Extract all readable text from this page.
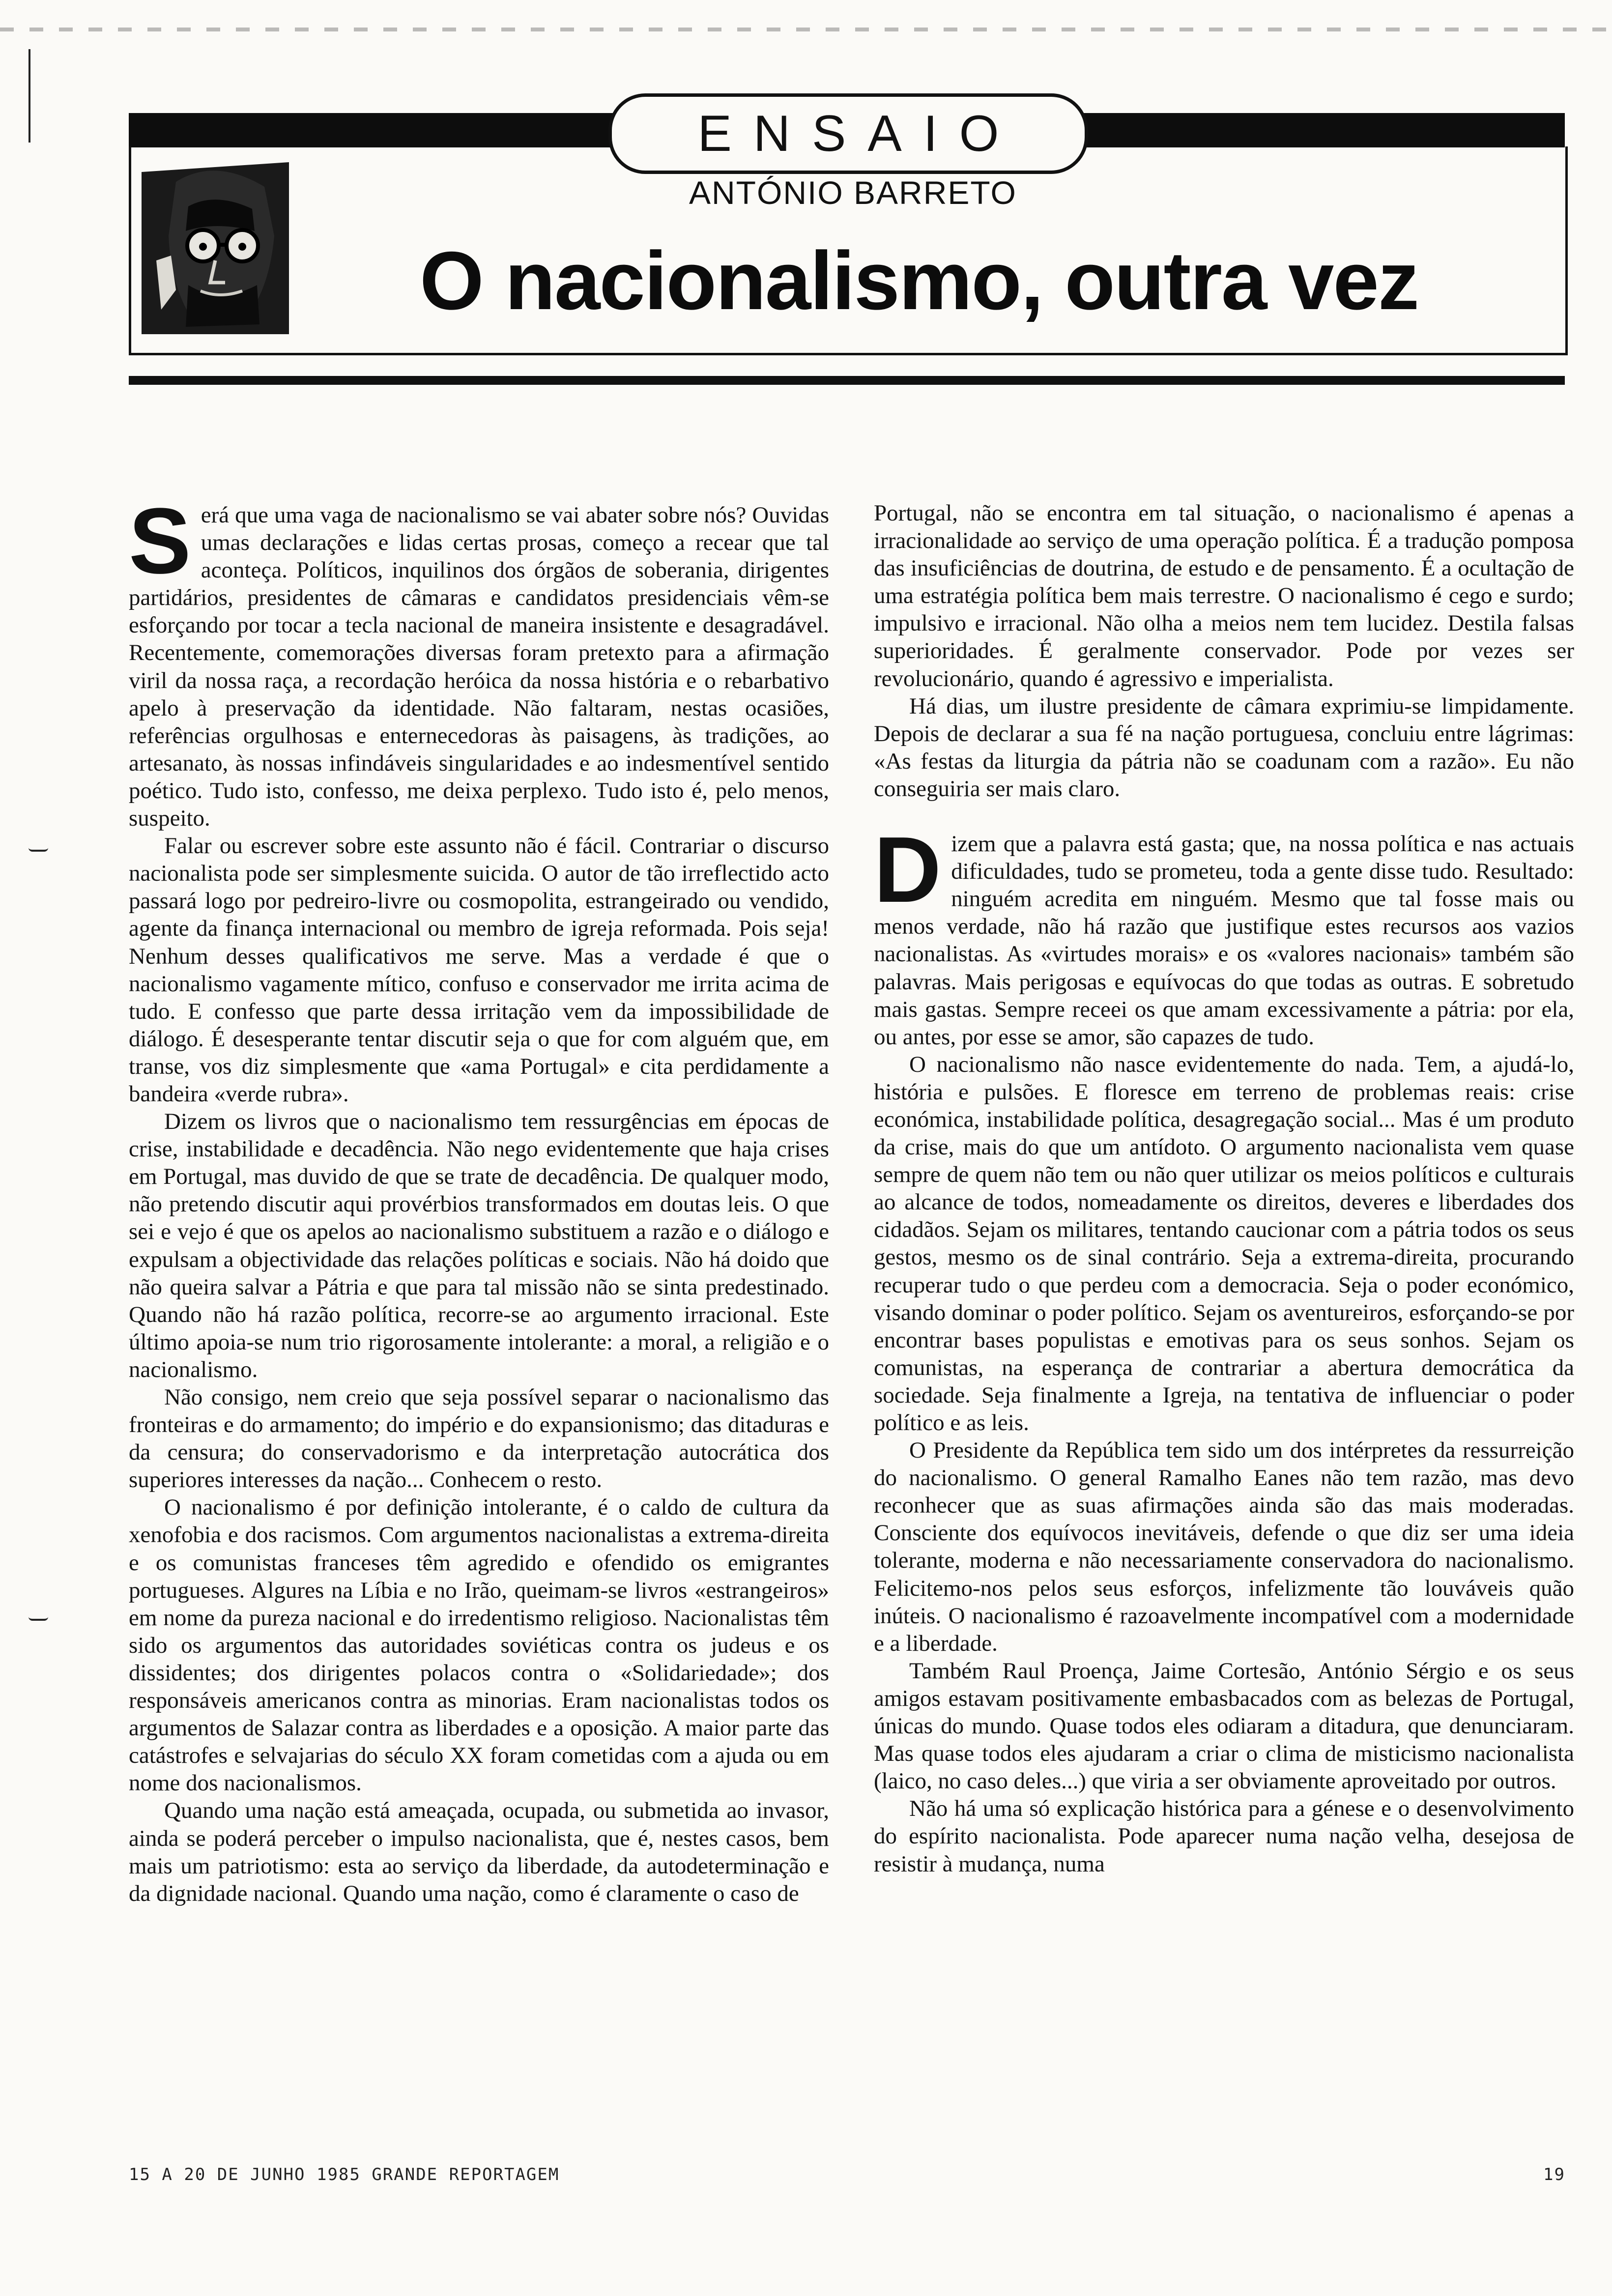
ENSAIO
ANTÓNIO BARRETO
O nacionalismo, outra vez

Será que uma vaga de nacionalismo se vai abater sobre nós? Ouvidas umas declarações e lidas certas prosas, começo a recear que tal aconteça. Políticos, inquilinos dos órgãos de soberania, dirigentes partidários, presidentes de câmaras e candidatos presidenciais vêm-se esforçando por tocar a tecla nacional de maneira insistente e desagradável. Recentemente, comemorações diversas foram pretexto para a afirmação viril da nossa raça, a recordação heróica da nossa história e o rebarbativo apelo à preservação da identidade. Não faltaram, nestas ocasiões, referências orgulhosas e enternecedoras às paisagens, às tradições, ao artesanato, às nossas infindáveis singularidades e ao indesmentível sentido poético. Tudo isto, confesso, me deixa perplexo. Tudo isto é, pelo menos, suspeito.

Falar ou escrever sobre este assunto não é fácil. Contrariar o discurso nacionalista pode ser simplesmente suicida. O autor de tão irreflectido acto passará logo por pedreiro-livre ou cosmopolita, estrangeirado ou vendido, agente da finança internacional ou membro de igreja reformada. Pois seja! Nenhum desses qualificativos me serve. Mas a verdade é que o nacionalismo vagamente mítico, confuso e conservador me irrita acima de tudo. E confesso que parte dessa irritação vem da impossibilidade de diálogo. É desesperante tentar discutir seja o que for com alguém que, em transe, vos diz simplesmente que «ama Portugal» e cita perdidamente a bandeira «verde rubra».

Dizem os livros que o nacionalismo tem ressurgências em épocas de crise, instabilidade e decadência. Não nego evidentemente que haja crises em Portugal, mas duvido de que se trate de decadência. De qualquer modo, não pretendo discutir aqui provérbios transformados em doutas leis. O que sei e vejo é que os apelos ao nacionalismo substituem a razão e o diálogo e expulsam a objectividade das relações políticas e sociais. Não há doido que não queira salvar a Pátria e que para tal missão não se sinta predestinado. Quando não há razão política, recorre-se ao argumento irracional. Este último apoia-se num trio rigorosamente intolerante: a moral, a religião e o nacionalismo.

Não consigo, nem creio que seja possível separar o nacionalismo das fronteiras e do armamento; do império e do expansionismo; das ditaduras e da censura; do conservadorismo e da interpretação autocrática dos superiores interesses da nação... Conhecem o resto.

O nacionalismo é por definição intolerante, é o caldo de cultura da xenofobia e dos racismos. Com argumentos nacionalistas a extrema-direita e os comunistas franceses têm agredido e ofendido os emigrantes portugueses. Algures na Líbia e no Irão, queimam-se livros «estrangeiros» em nome da pureza nacional e do irredentismo religioso. Nacionalistas têm sido os argumentos das autoridades soviéticas contra os judeus e os dissidentes; dos dirigentes polacos contra o «Solidariedade»; dos responsáveis americanos contra as minorias. Eram nacionalistas todos os argumentos de Salazar contra as liberdades e a oposição. A maior parte das catástrofes e selvajarias do século XX foram cometidas com a ajuda ou em nome dos nacionalismos.

Quando uma nação está ameaçada, ocupada, ou submetida ao invasor, ainda se poderá perceber o impulso nacionalista, que é, nestes casos, bem mais um patriotismo: esta ao serviço da liberdade, da autodeterminação e da dignidade nacional. Quando uma nação, como é claramente o caso de

Portugal, não se encontra em tal situação, o nacionalismo é apenas a irracionalidade ao serviço de uma operação política. É a tradução pomposa das insuficiências de doutrina, de estudo e de pensamento. É a ocultação de uma estratégia política bem mais terrestre. O nacionalismo é cego e surdo; impulsivo e irracional. Não olha a meios nem tem lucidez. Destila falsas superioridades. É geralmente conservador. Pode por vezes ser revolucionário, quando é agressivo e imperialista.

Há dias, um ilustre presidente de câmara exprimiu-se limpidamente. Depois de declarar a sua fé na nação portuguesa, concluiu entre lágrimas: «As festas da liturgia da pátria não se coadunam com a razão». Eu não conseguiria ser mais claro.

Dizem que a palavra está gasta; que, na nossa política e nas actuais dificuldades, tudo se prometeu, toda a gente disse tudo. Resultado: ninguém acredita em ninguém. Mesmo que tal fosse mais ou menos verdade, não há razão que justifique estes recursos aos vazios nacionalistas. As «virtudes morais» e os «valores nacionais» também são palavras. Mais perigosas e equívocas do que todas as outras. E sobretudo mais gastas. Sempre receei os que amam excessivamente a pátria: por ela, ou antes, por esse se amor, são capazes de tudo.

O nacionalismo não nasce evidentemente do nada. Tem, a ajudá-lo, história e pulsões. E floresce em terreno de problemas reais: crise económica, instabilidade política, desagregação social... Mas é um produto da crise, mais do que um antídoto. O argumento nacionalista vem quase sempre de quem não tem ou não quer utilizar os meios políticos e culturais ao alcance de todos, nomeadamente os direitos, deveres e liberdades dos cidadãos. Sejam os militares, tentando caucionar com a pátria todos os seus gestos, mesmo os de sinal contrário. Seja a extrema-direita, procurando recuperar tudo o que perdeu com a democracia. Seja o poder económico, visando dominar o poder político. Sejam os aventureiros, esforçando-se por encontrar bases populistas e emotivas para os seus sonhos. Sejam os comunistas, na esperança de contrariar a abertura democrática da sociedade. Seja finalmente a Igreja, na tentativa de influenciar o poder político e as leis.

O Presidente da República tem sido um dos intérpretes da ressurreição do nacionalismo. O general Ramalho Eanes não tem razão, mas devo reconhecer que as suas afirmações ainda são das mais moderadas. Consciente dos equívocos inevitáveis, defende o que diz ser uma ideia tolerante, moderna e não necessariamente conservadora do nacionalismo. Felicitemo-nos pelos seus esforços, infelizmente tão louváveis quão inúteis. O nacionalismo é razoavelmente incompatível com a modernidade e a liberdade.

Também Raul Proença, Jaime Cortesão, António Sérgio e os seus amigos estavam positivamente embasbacados com as belezas de Portugal, únicas do mundo. Quase todos eles odiaram a ditadura, que denunciaram. Mas quase todos eles ajudaram a criar o clima de misticismo nacionalista (laico, no caso deles...) que viria a ser obviamente aproveitado por outros.

Não há uma só explicação histórica para a génese e o desenvolvimento do espírito nacionalista. Pode aparecer numa nação velha, desejosa de resistir à mudança, numa

15 A 20 DE JUNHO 1985 GRANDE REPORTAGEM	19
